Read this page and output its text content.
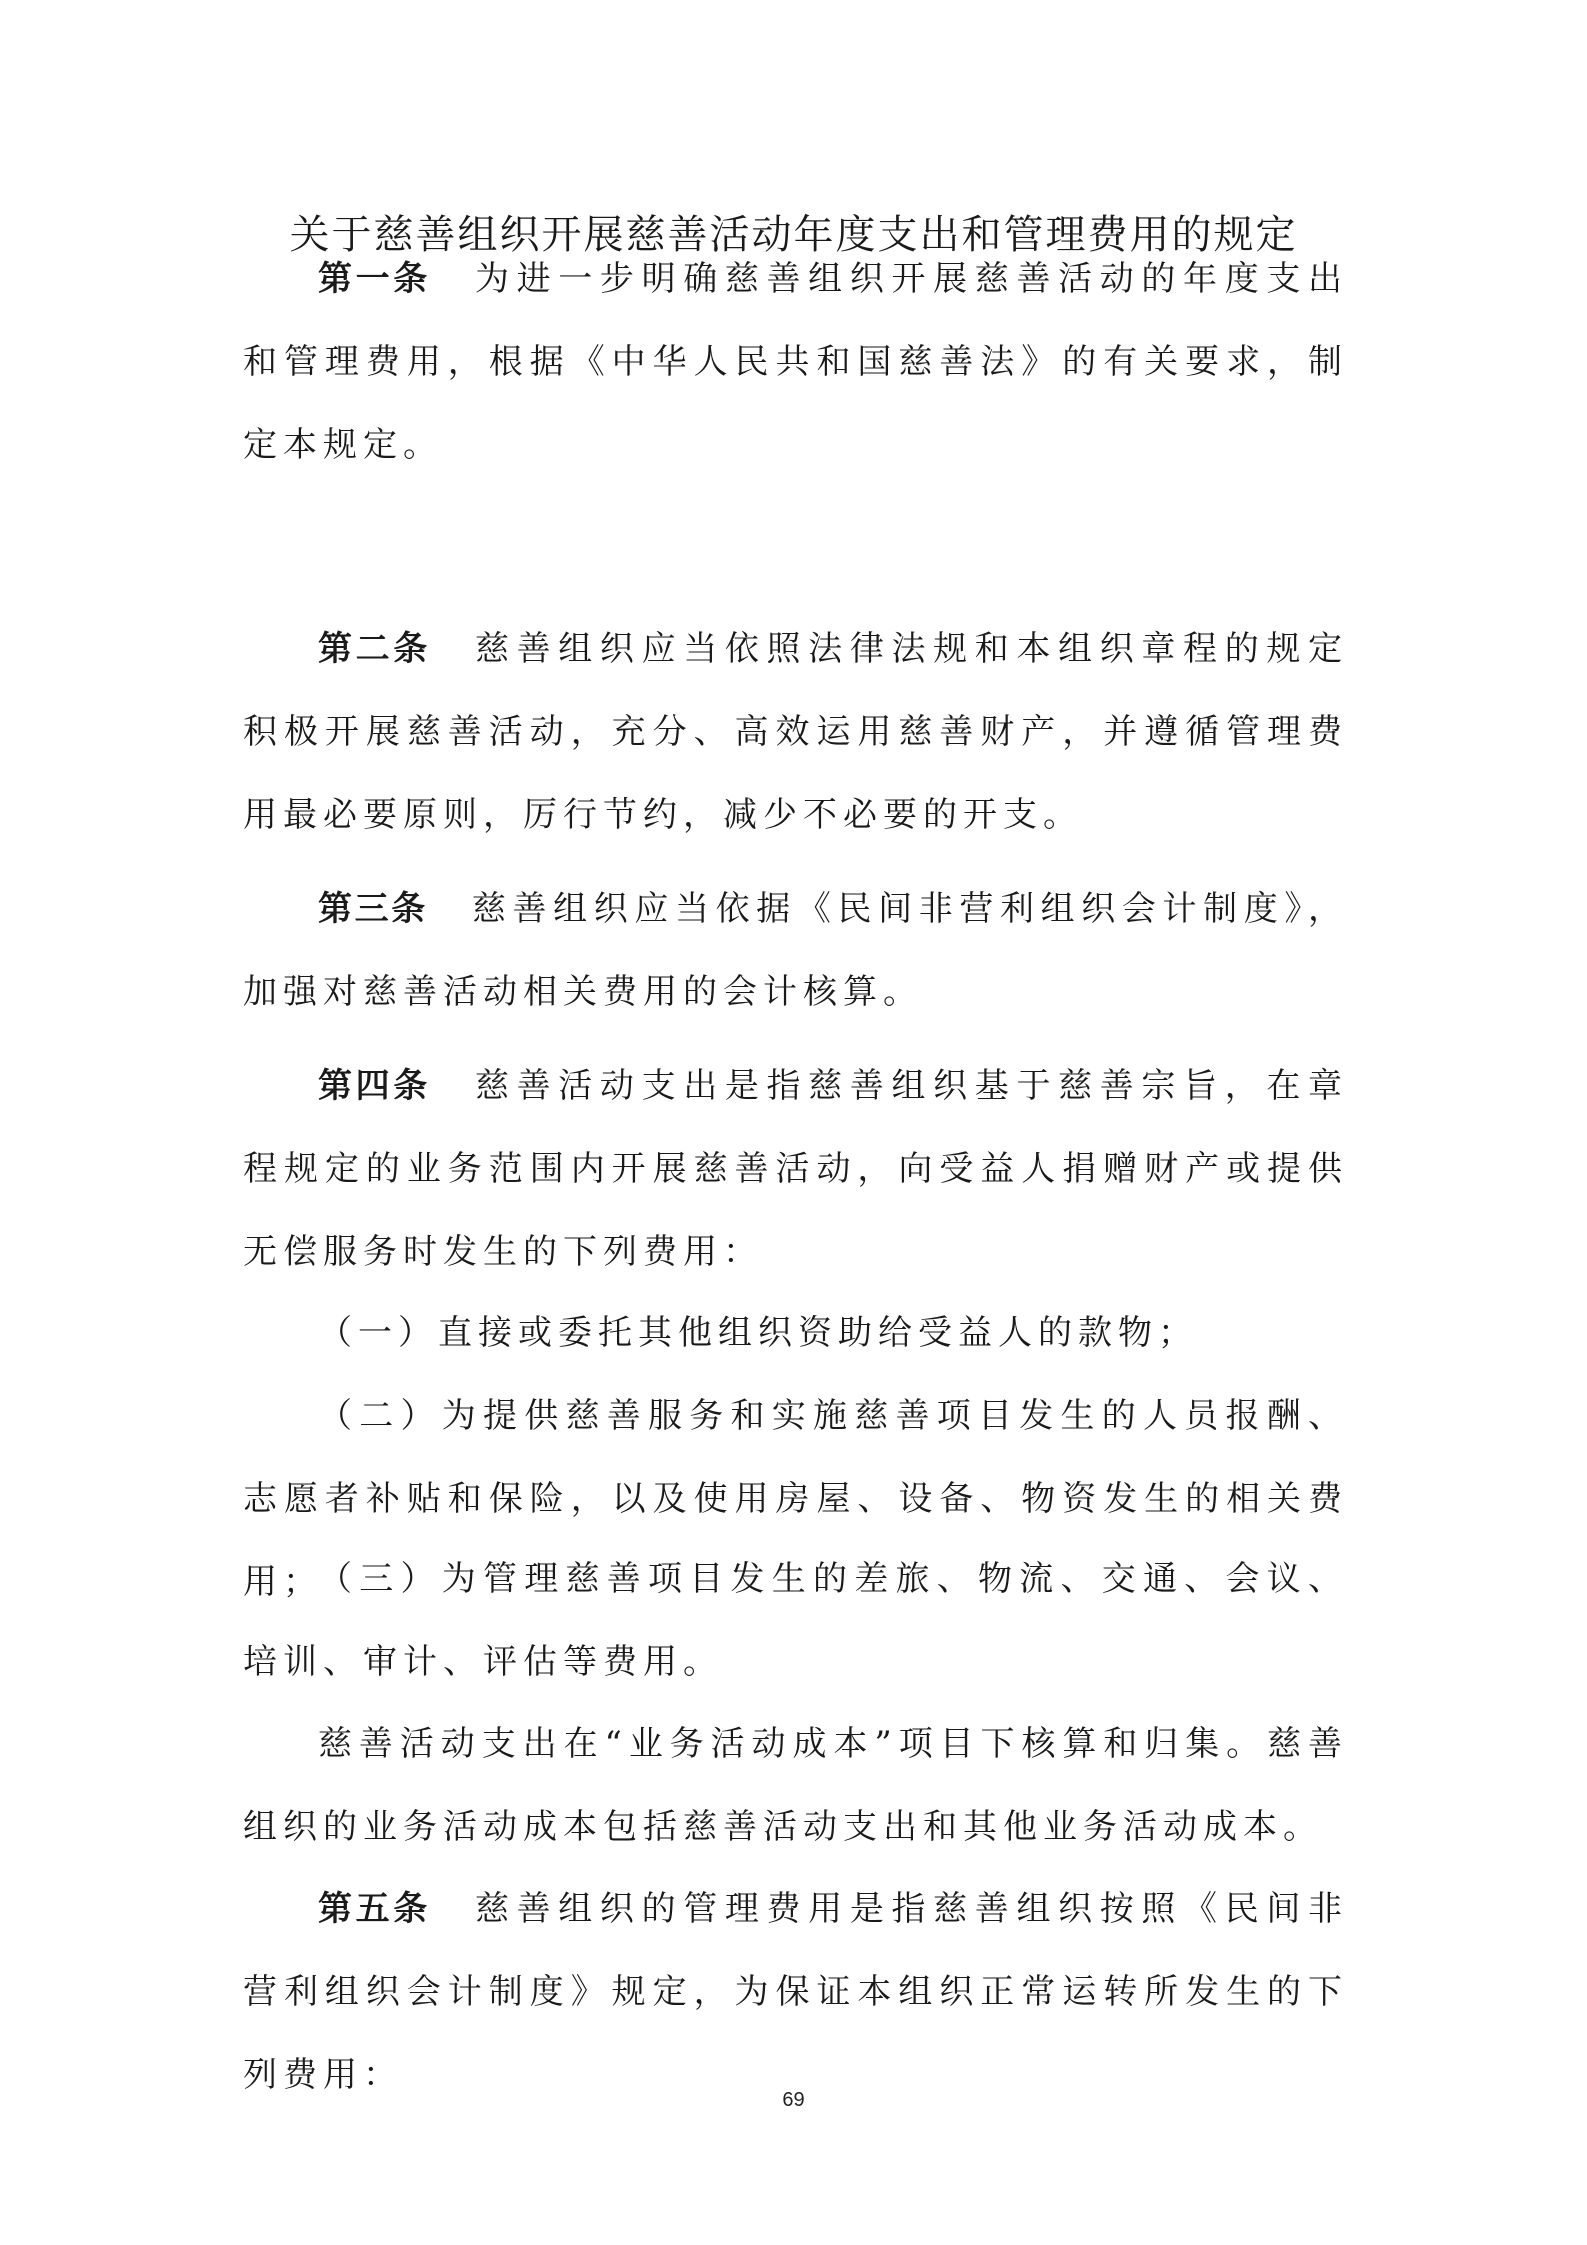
关于慈善组织开展慈善活动年度支出和管理费用的规定

第一条 为进一步明确慈善组织开展慈善活动的年度支出和管理费用，根据《中华人民共和国慈善法》的有关要求，制定本规定。

第二条 慈善组织应当依照法律法规和本组织章程的规定积极开展慈善活动，充分、高效运用慈善财产，并遵循管理费用最必要原则，厉行节约，减少不必要的开支。

第三条 慈善组织应当依据《民间非营利组织会计制度》，加强对慈善活动相关费用的会计核算。

第四条 慈善活动支出是指慈善组织基于慈善宗旨，在章程规定的业务范围内开展慈善活动，向受益人捐赠财产或提供无偿服务时发生的下列费用：

（一）直接或委托其他组织资助给受益人的款物；

（二）为提供慈善服务和实施慈善项目发生的人员报酬、志愿者补贴和保险，以及使用房屋、设备、物资发生的相关费用；

（三）为管理慈善项目发生的差旅、物流、交通、会议、培训、审计、评估等费用。

慈善活动支出在“业务活动成本”项目下核算和归集。慈善组织的业务活动成本包括慈善活动支出和其他业务活动成本。

第五条 慈善组织的管理费用是指慈善组织按照《民间非营利组织会计制度》规定，为保证本组织正常运转所发生的下列费用：

69
